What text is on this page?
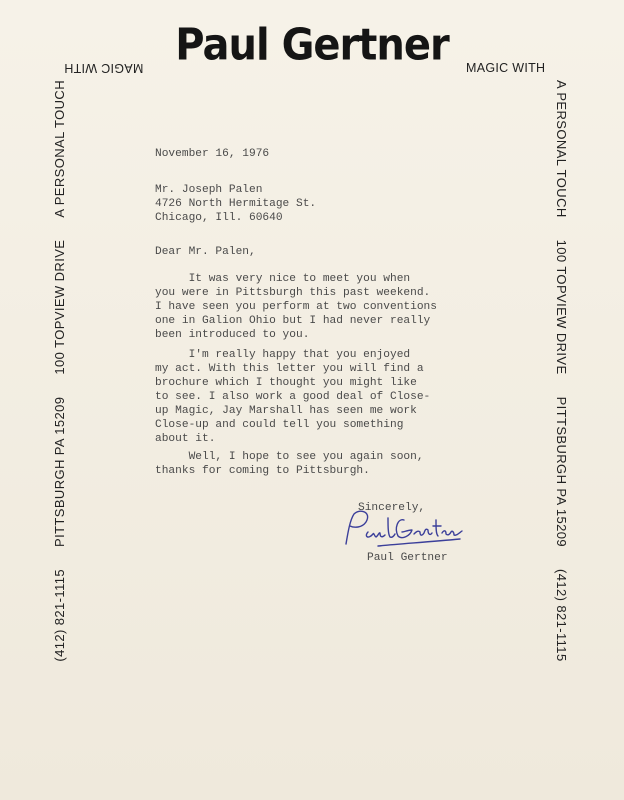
Paul Gertner	MAGIC WITH
MAGIC WITH
A PERSONAL TOUCH100 TOPVIEW DRIVEPITTSBURGH PA 15209(412) 821-1115
(412) 821-1115PITTSBURGH PA 15209100 TOPVIEW DRIVEA PERSONAL TOUCH	November 16, 1976
Mr. Joseph Palen
4726 North Hermitage St.
Chicago, Ill. 60640
Dear Mr. Palen,
It was very nice to meet you when
you were in Pittsburgh this past weekend.
I have seen you perform at two conventions
one in Galion Ohio but I had never really
been introduced to you.
I'm really happy that you enjoyed
my act. With this letter you will find a
brochure which I thought you might like
to see. I also work a good deal of Close-
up Magic, Jay Marshall has seen me work
Close-up and could tell you something
about it.
Well, I hope to see you again soon,
thanks for coming to Pittsburgh.
Sincerely,
Paul Gertner
